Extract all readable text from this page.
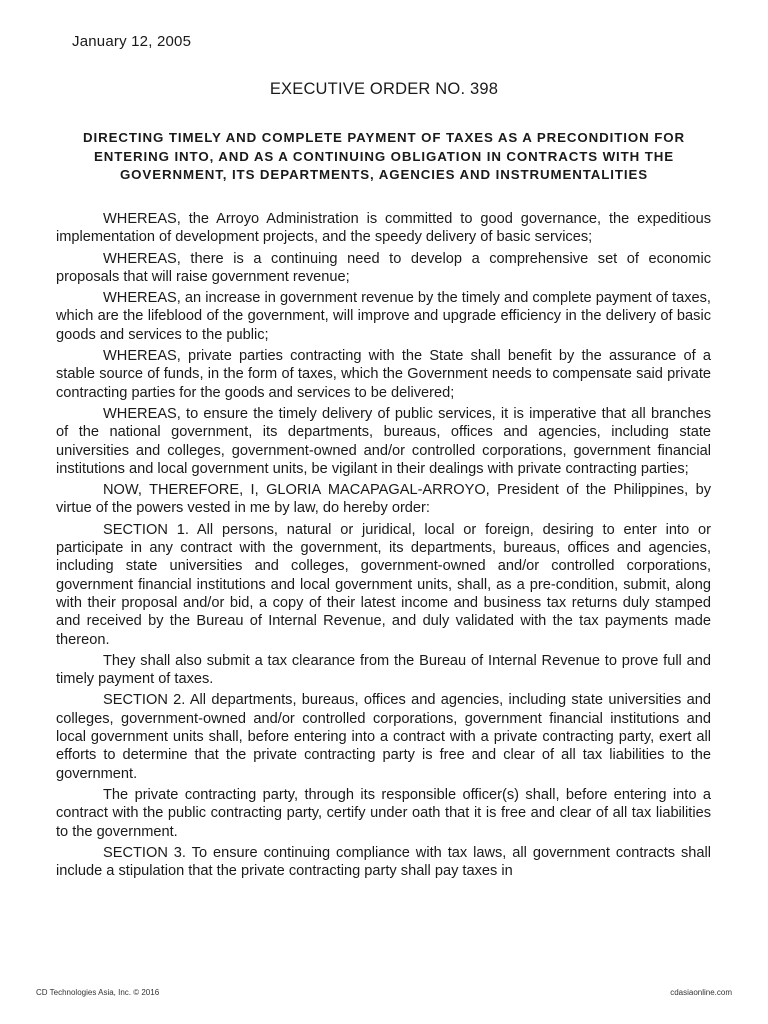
January 12, 2005
EXECUTIVE ORDER NO. 398
DIRECTING TIMELY AND COMPLETE PAYMENT OF TAXES AS A PRECONDITION FOR ENTERING INTO, AND AS A CONTINUING OBLIGATION IN CONTRACTS WITH THE GOVERNMENT, ITS DEPARTMENTS, AGENCIES AND INSTRUMENTALITIES

WHEREAS, the Arroyo Administration is committed to good governance, the expeditious implementation of development projects, and the speedy delivery of basic services;

WHEREAS, there is a continuing need to develop a comprehensive set of economic proposals that will raise government revenue;

WHEREAS, an increase in government revenue by the timely and complete payment of taxes, which are the lifeblood of the government, will improve and upgrade efficiency in the delivery of basic goods and services to the public;

WHEREAS, private parties contracting with the State shall benefit by the assurance of a stable source of funds, in the form of taxes, which the Government needs to compensate said private contracting parties for the goods and services to be delivered;

WHEREAS, to ensure the timely delivery of public services, it is imperative that all branches of the national government, its departments, bureaus, offices and agencies, including state universities and colleges, government-owned and/or controlled corporations, government financial institutions and local government units, be vigilant in their dealings with private contracting parties;

NOW, THEREFORE, I, GLORIA MACAPAGAL-ARROYO, President of the Philippines, by virtue of the powers vested in me by law, do hereby order:

SECTION 1. All persons, natural or juridical, local or foreign, desiring to enter into or participate in any contract with the government, its departments, bureaus, offices and agencies, including state universities and colleges, government-owned and/or controlled corporations, government financial institutions and local government units, shall, as a pre-condition, submit, along with their proposal and/or bid, a copy of their latest income and business tax returns duly stamped and received by the Bureau of Internal Revenue, and duly validated with the tax payments made thereon.

They shall also submit a tax clearance from the Bureau of Internal Revenue to prove full and timely payment of taxes.

SECTION 2. All departments, bureaus, offices and agencies, including state universities and colleges, government-owned and/or controlled corporations, government financial institutions and local government units shall, before entering into a contract with a private contracting party, exert all efforts to determine that the private contracting party is free and clear of all tax liabilities to the government.

The private contracting party, through its responsible officer(s) shall, before entering into a contract with the public contracting party, certify under oath that it is free and clear of all tax liabilities to the government.

SECTION 3. To ensure continuing compliance with tax laws, all government contracts shall include a stipulation that the private contracting party shall pay taxes in

CD Technologies Asia, Inc. © 2016	cdasiaonline.com
